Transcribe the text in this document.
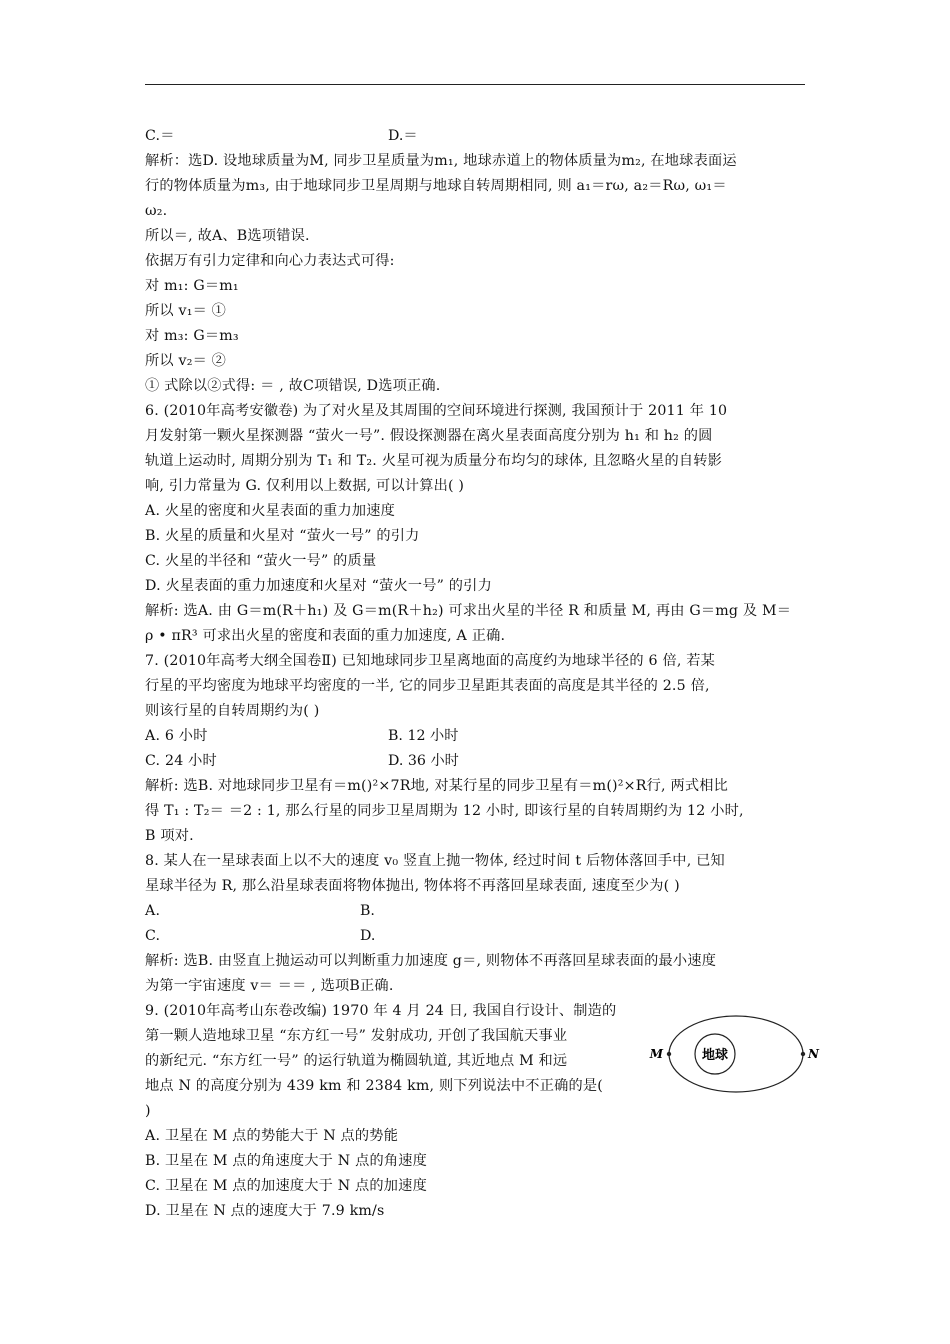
C.＝
解析：选D. 设地球质量为M, 同步卫星质量为m₁, 地球赤道上的物体质量为m₂, 在地球表面运
行的物体质量为m₃, 由于地球同步卫星周期与地球自转周期相同, 则 a₁＝rω, a₂＝Rω, ω₁＝
ω₂.
所以＝, 故A、B选项错误.
依据万有引力定律和向心力表达式可得:
对 m₁: G＝m₁
所以 v₁＝ ①
对 m₃: G＝m₃
所以 v₂＝ ②
① 式除以②式得: ＝ , 故C项错误, D选项正确.
6. (2010年高考安徽卷) 为了对火星及其周围的空间环境进行探测, 我国预计于 2011 年 10
月发射第一颗火星探测器 “萤火一号”. 假设探测器在离火星表面高度分别为 h₁ 和 h₂ 的圆
轨道上运动时, 周期分别为 T₁ 和 T₂. 火星可视为质量分布均匀的球体, 且忽略火星的自转影
响, 引力常量为 G. 仅利用以上数据, 可以计算出( )
A. 火星的密度和火星表面的重力加速度
B. 火星的质量和火星对 “萤火一号” 的引力
C. 火星的半径和 “萤火一号” 的质量
D. 火星表面的重力加速度和火星对 “萤火一号” 的引力
解析: 选A. 由 G＝m(R＋h₁) 及 G＝m(R＋h₂) 可求出火星的半径 R 和质量 M, 再由 G＝mg 及 M＝
ρ • πR³ 可求出火星的密度和表面的重力加速度, A 正确.
7. (2010年高考大纲全国卷Ⅱ) 已知地球同步卫星离地面的高度约为地球半径的 6 倍, 若某
行星的平均密度为地球平均密度的一半, 它的同步卫星距其表面的高度是其半径的 2.5 倍,
则该行星的自转周期约为( )
A. 6 小时
C. 24 小时
解析: 选B. 对地球同步卫星有＝m()²×7R地, 对某行星的同步卫星有＝m()²×R行, 两式相比
得 T₁ : T₂＝ ＝2 : 1, 那么行星的同步卫星周期为 12 小时, 即该行星的自转周期约为 12 小时,
B 项对.
8. 某人在一星球表面上以不大的速度 v₀ 竖直上抛一物体, 经过时间 t 后物体落回手中, 已知
星球半径为 R, 那么沿星球表面将物体抛出, 物体将不再落回星球表面, 速度至少为( )
A.
C.
解析: 选B. 由竖直上抛运动可以判断重力加速度 g＝, 则物体不再落回星球表面的最小速度
为第一宇宙速度 v＝ ＝＝ , 选项B正确.
9. (2010年高考山东卷改编) 1970 年 4 月 24 日, 我国自行设计、制造的
第一颗人造地球卫星 “东方红一号” 发射成功, 开创了我国航天事业
的新纪元. “东方红一号” 的运行轨道为椭圆轨道, 其近地点 M 和远
地点 N 的高度分别为 439 km 和 2384 km, 则下列说法中不正确的是(
)
A. 卫星在 M 点的势能大于 N 点的势能
B. 卫星在 M 点的角速度大于 N 点的角速度
C. 卫星在 M 点的加速度大于 N 点的加速度
D. 卫星在 N 点的速度大于 7.9 km/s
D.＝
B. 12 小时
D. 36 小时
B.
D.
地球
M	N
